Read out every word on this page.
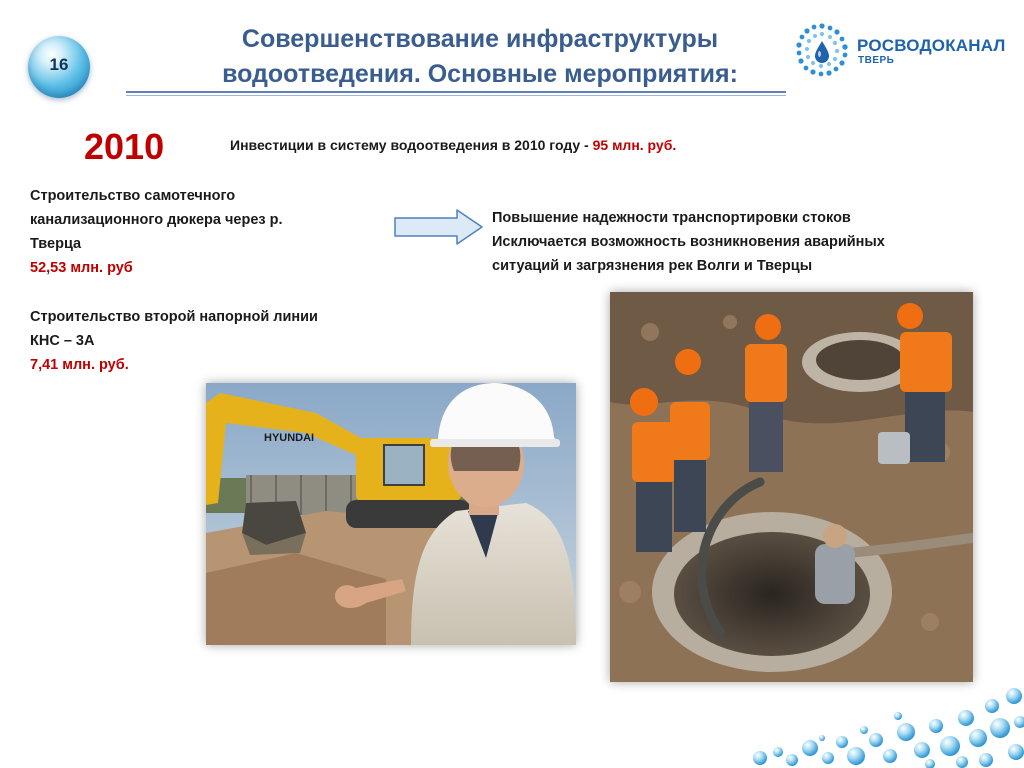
16
Совершенствование инфраструктуры
водоотведения. Основные мероприятия:
РОСВОДОКАНАЛ
ТВЕРЬ
2010	Инвестиции в систему водоотведения в 2010 году - 95 млн. руб.
Строительство самотечного
канализационного дюкера через р.
Тверца
52,53 млн. руб
Строительство второй напорной линии
КНС – 3А
7,41 млн. руб.
Повышение надежности транспортировки стоков
Исключается возможность возникновения аварийных
ситуаций и загрязнения рек Волги и Тверцы
HYUNDAI
